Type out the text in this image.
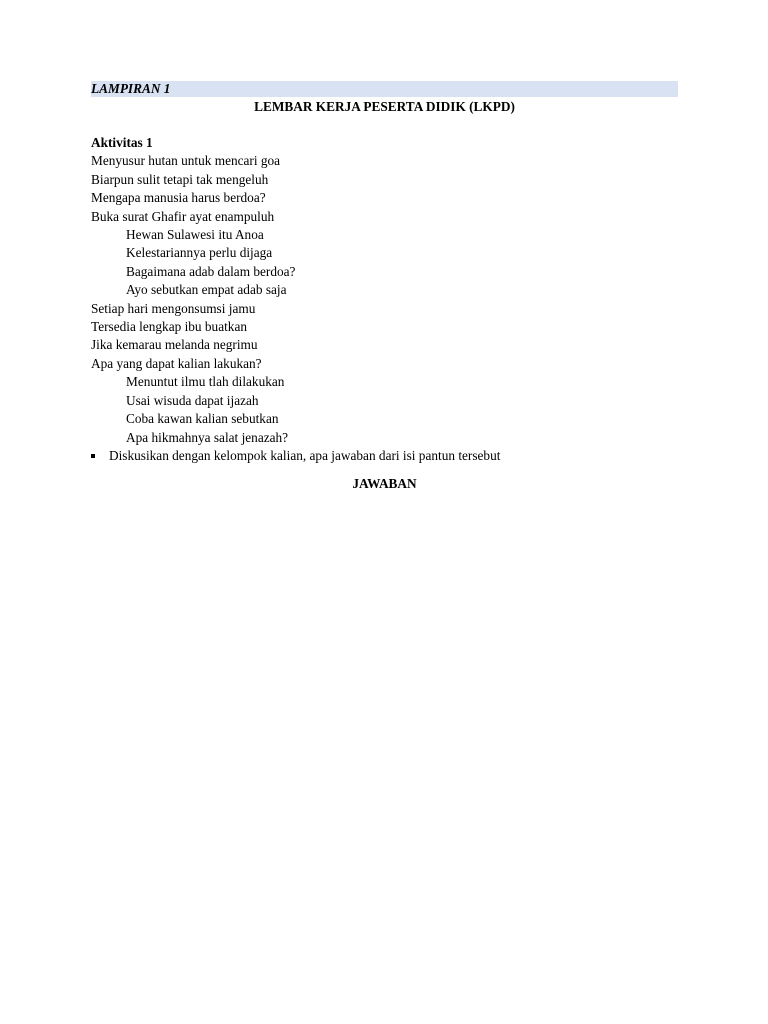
LAMPIRAN 1
LEMBAR KERJA PESERTA DIDIK (LKPD)
Aktivitas 1
Menyusur hutan untuk mencari goa
Biarpun sulit tetapi tak mengeluh
Mengapa manusia harus berdoa?
Buka surat Ghafir ayat enampuluh
Hewan Sulawesi itu Anoa
Kelestariannya perlu dijaga
Bagaimana adab dalam berdoa?
Ayo sebutkan empat adab saja
Setiap hari mengonsumsi jamu
Tersedia lengkap ibu buatkan
Jika kemarau melanda negrimu
Apa yang dapat kalian lakukan?
Menuntut ilmu tlah dilakukan
Usai wisuda dapat ijazah
Coba kawan kalian sebutkan
Apa hikmahnya salat jenazah?
Diskusikan dengan kelompok kalian, apa jawaban dari isi pantun tersebut
JAWABAN
